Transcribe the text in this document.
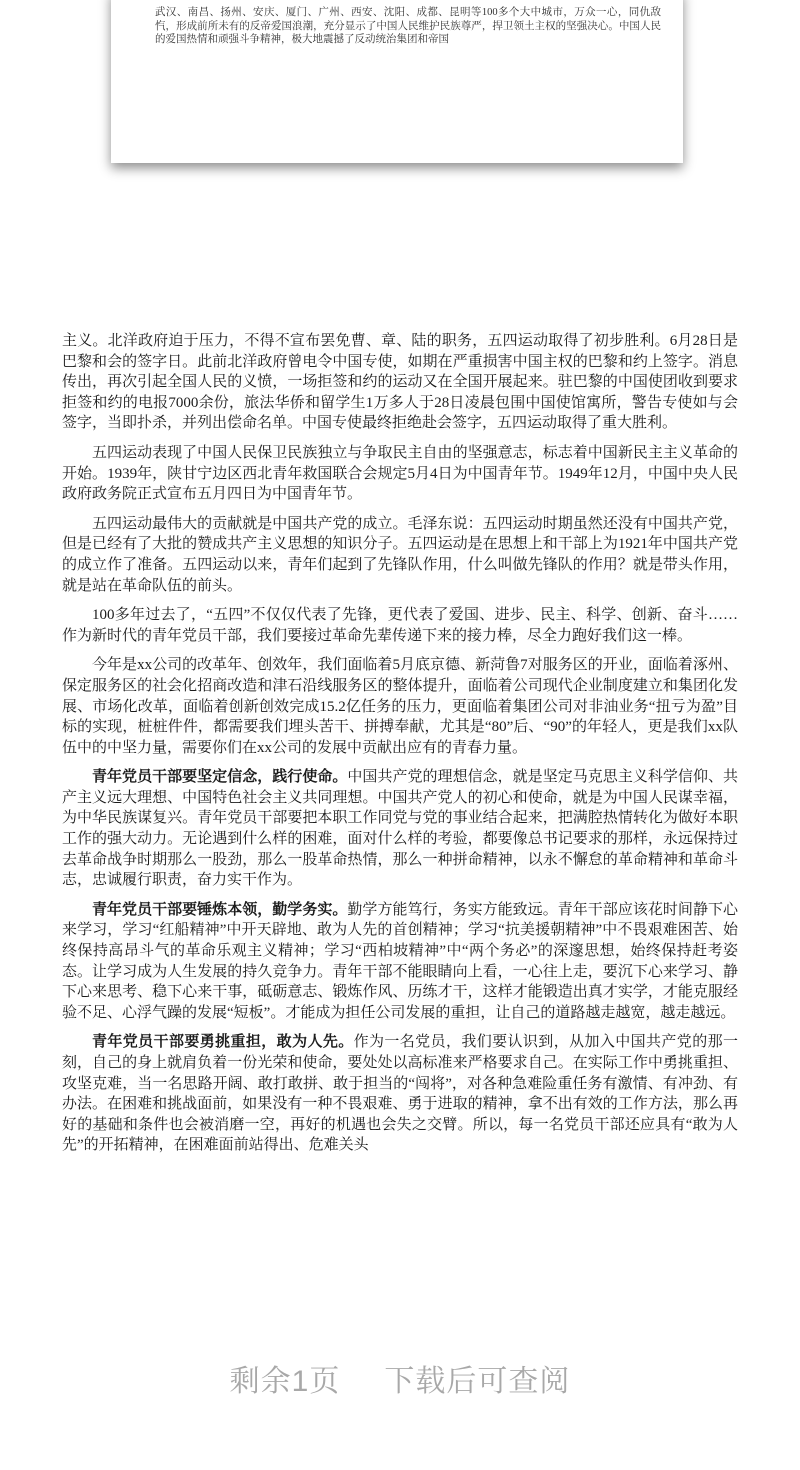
武汉、南昌、扬州、安庆、厦门、广州、西安、沈阳、成都、昆明等100多个大中城市，万众一心，同仇敌忾，形成前所未有的反帝爱国浪潮，充分显示了中国人民维护民族尊严，捍卫领土主权的坚强决心。中国人民的爱国热情和顽强斗争精神，极大地震撼了反动统治集团和帝国

主义。北洋政府迫于压力，不得不宣布罢免曹、章、陆的职务，五四运动取得了初步胜利。6月28日是巴黎和会的签字日。此前北洋政府曾电令中国专使，如期在严重损害中国主权的巴黎和约上签字。消息传出，再次引起全国人民的义愤，一场拒签和约的运动又在全国开展起来。驻巴黎的中国使团收到要求拒签和约的电报7000余份，旅法华侨和留学生1万多人于28日凌晨包围中国使馆寓所，警告专使如与会签字，当即扑杀，并列出偿命名单。中国专使最终拒绝赴会签字，五四运动取得了重大胜利。

五四运动表现了中国人民保卫民族独立与争取民主自由的坚强意志，标志着中国新民主主义革命的开始。1939年，陕甘宁边区西北青年救国联合会规定5月4日为中国青年节。1949年12月，中国中央人民政府政务院正式宣布五月四日为中国青年节。

五四运动最伟大的贡献就是中国共产党的成立。毛泽东说：五四运动时期虽然还没有中国共产党，但是已经有了大批的赞成共产主义思想的知识分子。五四运动是在思想上和干部上为1921年中国共产党的成立作了准备。五四运动以来，青年们起到了先锋队作用，什么叫做先锋队的作用？就是带头作用，就是站在革命队伍的前头。

100多年过去了，“五四”不仅仅代表了先锋，更代表了爱国、进步、民主、科学、创新、奋斗……作为新时代的青年党员干部，我们要接过革命先辈传递下来的接力棒，尽全力跑好我们这一棒。

今年是xx公司的改革年、创效年，我们面临着5月底京德、新菏鲁7对服务区的开业，面临着涿州、保定服务区的社会化招商改造和津石沿线服务区的整体提升，面临着公司现代企业制度建立和集团化发展、市场化改革，面临着创新创效完成15.2亿任务的压力，更面临着集团公司对非油业务“扭亏为盈”目标的实现，桩桩件件，都需要我们埋头苦干、拼搏奉献，尤其是“80”后、“90”的年轻人，更是我们xx队伍中的中坚力量，需要你们在xx公司的发展中贡献出应有的青春力量。

青年党员干部要坚定信念，践行使命。中国共产党的理想信念，就是坚定马克思主义科学信仰、共产主义远大理想、中国特色社会主义共同理想。中国共产党人的初心和使命，就是为中国人民谋幸福，为中华民族谋复兴。青年党员干部要把本职工作同党与党的事业结合起来，把满腔热情转化为做好本职工作的强大动力。无论遇到什么样的困难，面对什么样的考验，都要像总书记要求的那样，永远保持过去革命战争时期那么一股劲，那么一股革命热情，那么一种拼命精神，以永不懈怠的革命精神和革命斗志，忠诚履行职责，奋力实干作为。

青年党员干部要锤炼本领，勤学务实。勤学方能笃行，务实方能致远。青年干部应该花时间静下心来学习，学习“红船精神”中开天辟地、敢为人先的首创精神；学习“抗美援朝精神”中不畏艰难困苦、始终保持高昂斗气的革命乐观主义精神；学习“西柏坡精神”中“两个务必”的深邃思想，始终保持赶考姿态。让学习成为人生发展的持久竞争力。青年干部不能眼睛向上看，一心往上走，要沉下心来学习、静下心来思考、稳下心来干事，砥砺意志、锻炼作风、历练才干，这样才能锻造出真才实学，才能克服经验不足、心浮气躁的发展“短板”。才能成为担任公司发展的重担，让自己的道路越走越宽，越走越远。

青年党员干部要勇挑重担，敢为人先。作为一名党员，我们要认识到，从加入中国共产党的那一刻，自己的身上就肩负着一份光荣和使命，要处处以高标准来严格要求自己。在实际工作中勇挑重担、攻坚克难，当一名思路开阔、敢打敢拼、敢于担当的“闯将”，对各种急难险重任务有激情、有冲劲、有办法。在困难和挑战面前，如果没有一种不畏艰难、勇于进取的精神，拿不出有效的工作方法，那么再好的基础和条件也会被消磨一空，再好的机遇也会失之交臂。所以，每一名党员干部还应具有“敢为人先”的开拓精神，在困难面前站得出、危难关头

剩余1页 下载后可查阅
